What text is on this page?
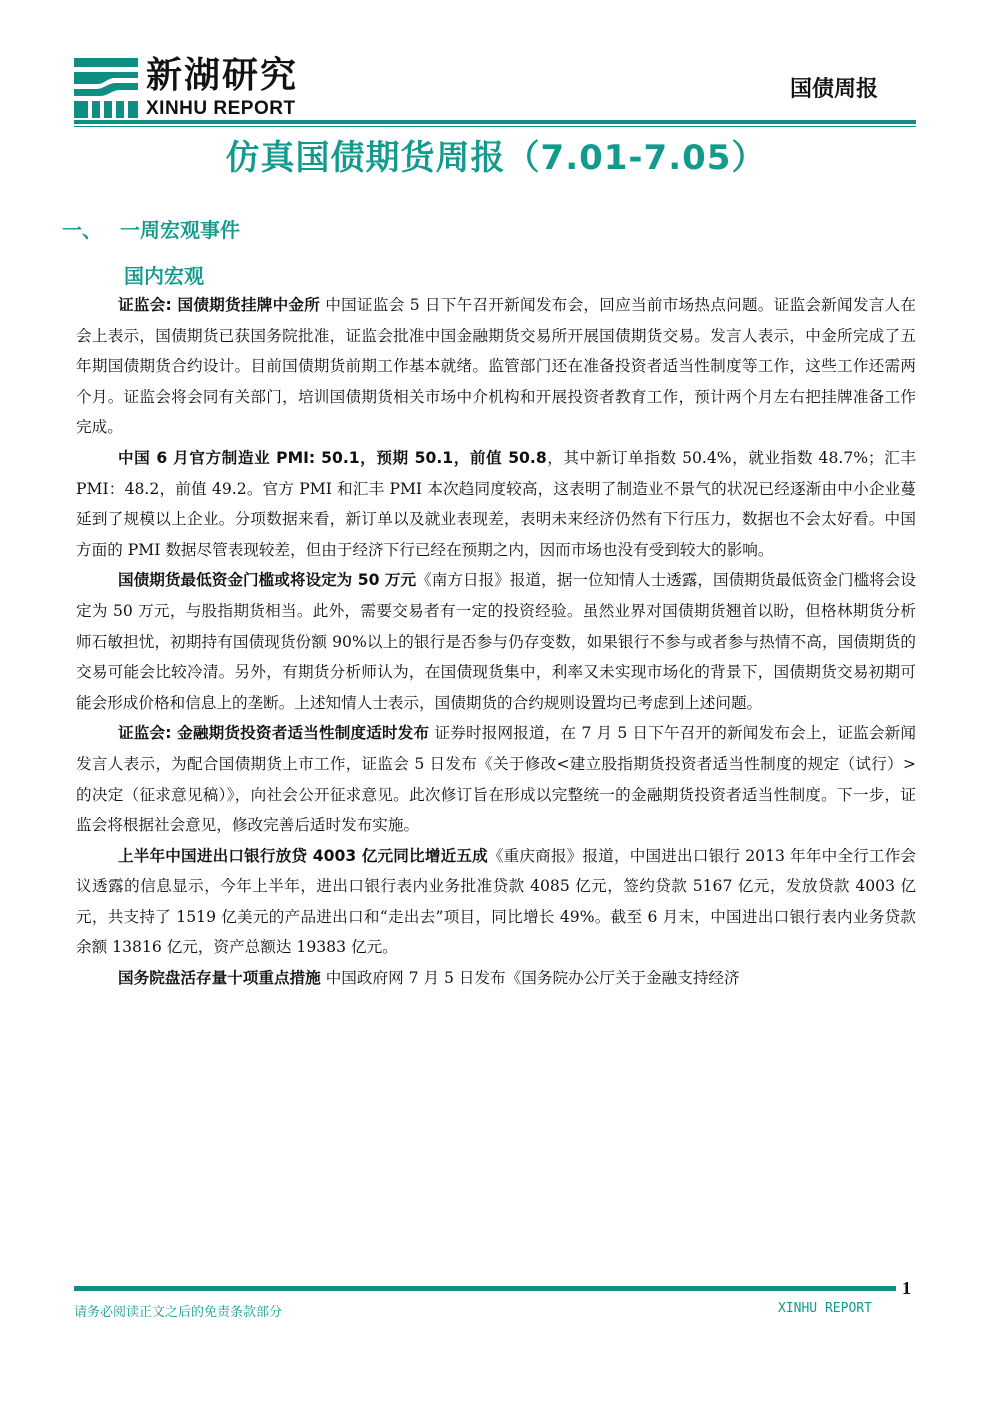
新湖研究
XINHU REPORT
国债周报
仿真国债期货周报（7.01-7.05）
一、 一周宏观事件
国内宏观

证监会: 国债期货挂牌中金所 中国证监会 5 日下午召开新闻发布会，回应当前市场热点问题。证监会新闻发言人在会上表示，国债期货已获国务院批准，证监会批准中国金融期货交易所开展国债期货交易。发言人表示，中金所完成了五年期国债期货合约设计。目前国债期货前期工作基本就绪。监管部门还在准备投资者适当性制度等工作，这些工作还需两个月。证监会将会同有关部门，培训国债期货相关市场中介机构和开展投资者教育工作，预计两个月左右把挂牌准备工作完成。

中国 6 月官方制造业 PMI: 50.1，预期 50.1，前值 50.8，其中新订单指数 50.4%，就业指数 48.7%；汇丰 PMI：48.2，前值 49.2。官方 PMI 和汇丰 PMI 本次趋同度较高，这表明了制造业不景气的状况已经逐渐由中小企业蔓延到了规模以上企业。分项数据来看，新订单以及就业表现差，表明未来经济仍然有下行压力，数据也不会太好看。中国方面的 PMI 数据尽管表现较差，但由于经济下行已经在预期之内，因而市场也没有受到较大的影响。

国债期货最低资金门槛或将设定为 50 万元《南方日报》报道，据一位知情人士透露，国债期货最低资金门槛将会设定为 50 万元，与股指期货相当。此外，需要交易者有一定的投资经验。虽然业界对国债期货翘首以盼，但格林期货分析师石敏担忧，初期持有国债现货份额 90%以上的银行是否参与仍存变数，如果银行不参与或者参与热情不高，国债期货的交易可能会比较冷清。另外，有期货分析师认为，在国债现货集中，利率又未实现市场化的背景下，国债期货交易初期可能会形成价格和信息上的垄断。上述知情人士表示，国债期货的合约规则设置均已考虑到上述问题。

证监会: 金融期货投资者适当性制度适时发布 证券时报网报道，在 7 月 5 日下午召开的新闻发布会上，证监会新闻发言人表示，为配合国债期货上市工作，证监会 5 日发布《关于修改<建立股指期货投资者适当性制度的规定（试行）>的决定（征求意见稿）》，向社会公开征求意见。此次修订旨在形成以完整统一的金融期货投资者适当性制度。下一步，证监会将根据社会意见，修改完善后适时发布实施。

上半年中国进出口银行放贷 4003 亿元同比增近五成《重庆商报》报道，中国进出口银行 2013 年年中全行工作会议透露的信息显示，今年上半年，进出口银行表内业务批准贷款 4085 亿元，签约贷款 5167 亿元，发放贷款 4003 亿元，共支持了 1519 亿美元的产品进出口和“走出去”项目，同比增长 49%。截至 6 月末，中国进出口银行表内业务贷款余额 13816 亿元，资产总额达 19383 亿元。

国务院盘活存量十项重点措施 中国政府网 7 月 5 日发布《国务院办公厅关于金融支持经济

1
请务必阅读正文之后的免责条款部分	XINHU REPORT
